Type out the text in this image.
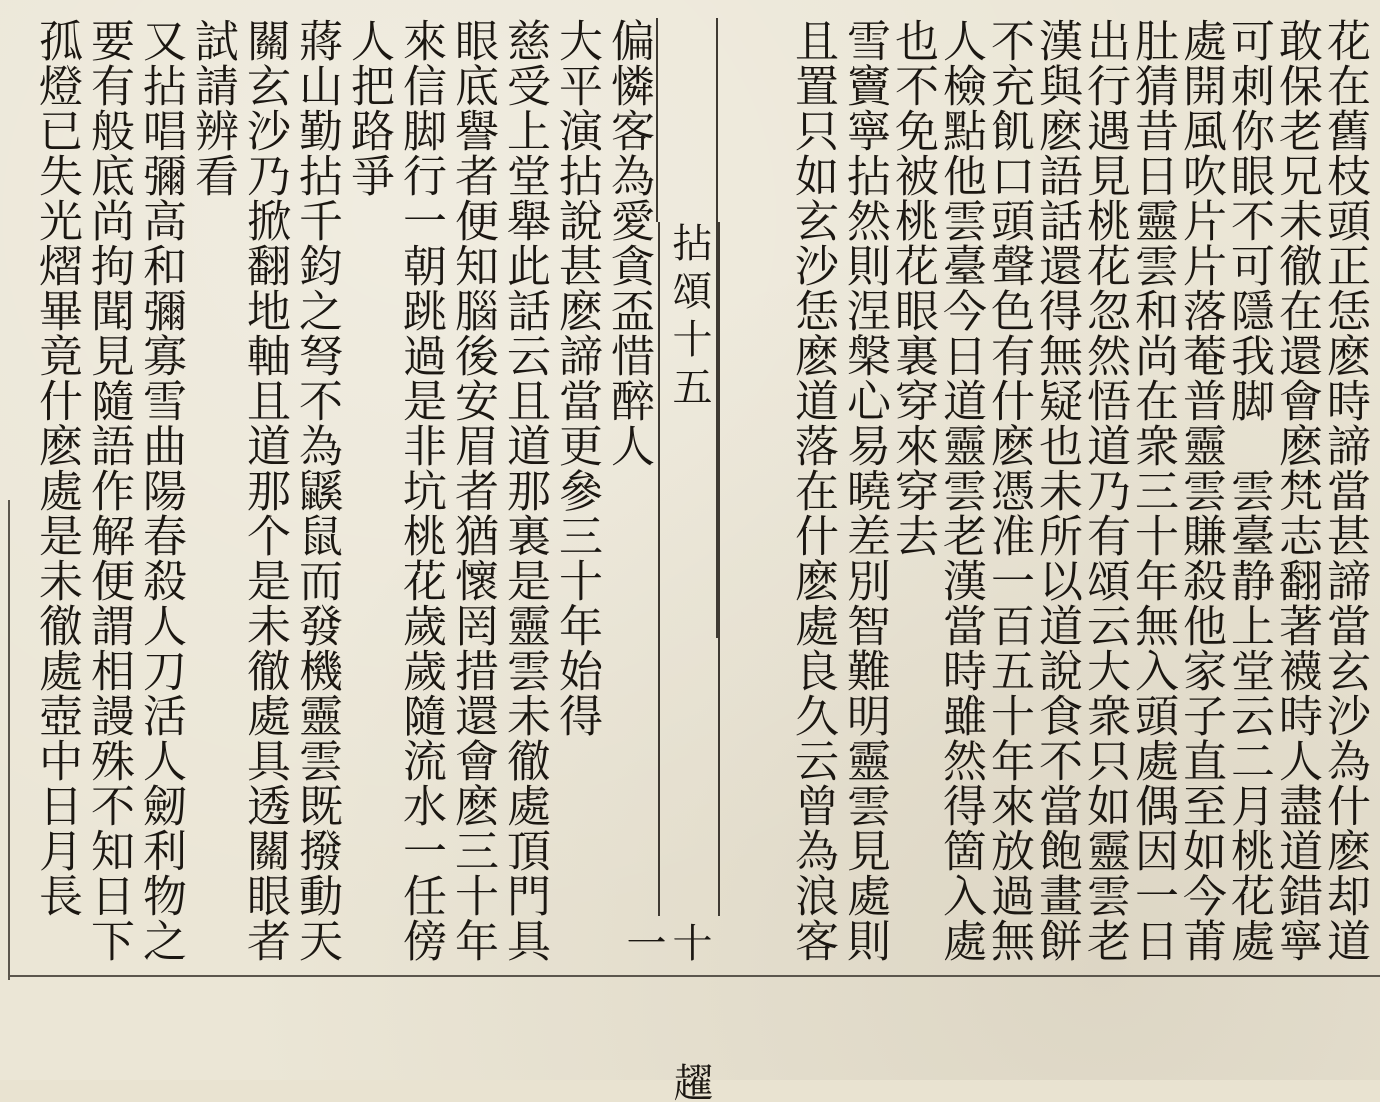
花在舊枝頭正恁麽時諦當甚諦當玄沙為什麽却道
敢保老兄未徹在還會麽梵志翻著襪時人盡道錯寧
可刺你眼不可隱我脚　雲臺静上堂云二月桃花處
處開風吹片片落菴普靈雲賺殺他家子直至如今莆
肚猜昔日靈雲和尚在衆三十年無入頭處偶因一日
出行遇見桃花忽然悟道乃有頌云大衆只如靈雲老
漢與麽語話還得無疑也未所以道說食不當飽畫餅
不充飢口頭聲色有什麽憑准一百五十年來放過無
人檢點他雲臺今日道靈雲老漢當時雖然得箇入處
也不免被桃花眼裏穿來穿去
雪竇寧拈然則涅槃心易曉差別智難明靈雲見處則
且置只如玄沙恁麽道落在什麽處良久云曾為浪客
拈頌十五
十一
趯
偏憐客為愛貪盃惜醉人
大平演拈說甚麽諦當更參三十年始得
慈受上堂舉此話云且道那裏是靈雲未徹處頂門具
眼底譽者便知腦後安眉者猶懷罔措還會麽三十年
來信脚行一朝跳過是非坑桃花歲歲隨流水一任傍
人把路爭
蔣山勤拈千鈞之弩不為鼷鼠而發機靈雲既撥動天
關玄沙乃掀翻地軸且道那个是未徹處具透關眼者
試請辨看
又拈唱彌高和彌寡雪曲陽春殺人刀活人劒利物之
要有般底尚拘聞見隨語作解便謂相謾殊不知日下
孤燈已失光熠畢竟什麽處是未徹處壺中日月長
